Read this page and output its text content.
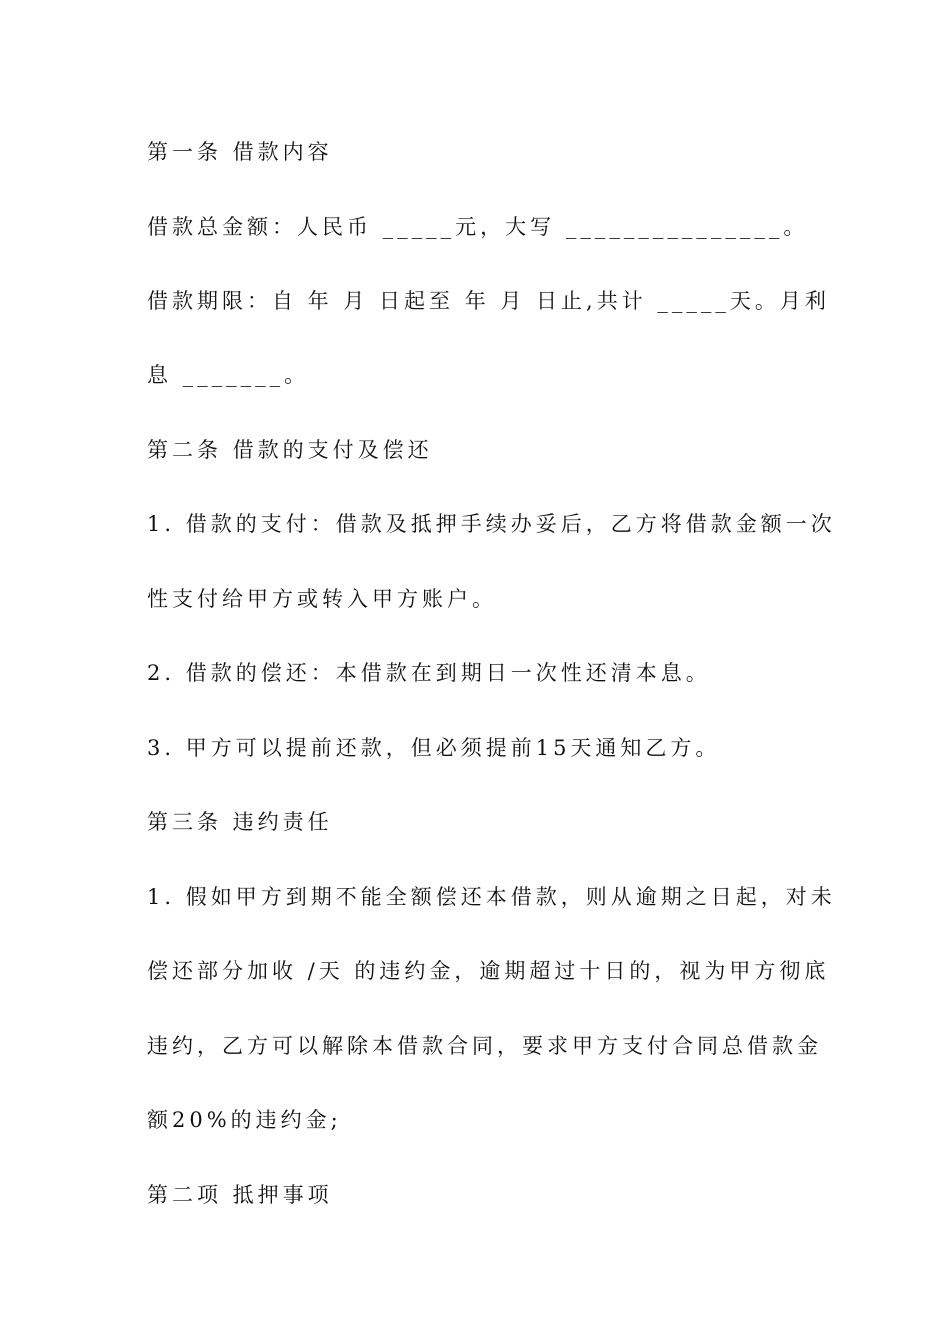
第一条 借款内容
借款总金额：人民币 _____元，大写 _______________。
借款期限：自 年 月 日起至 年 月 日止,共计 _____天。月利
息 _______。
第二条 借款的支付及偿还
1. 借款的支付：借款及抵押手续办妥后，乙方将借款金额一次
性支付给甲方或转入甲方账户。
2. 借款的偿还：本借款在到期日一次性还清本息。
3. 甲方可以提前还款，但必须提前15天通知乙方。
第三条 违约责任
1. 假如甲方到期不能全额偿还本借款，则从逾期之日起，对未
偿还部分加收 /天 的违约金，逾期超过十日的，视为甲方彻底
违约，乙方可以解除本借款合同，要求甲方支付合同总借款金
额20%的违约金;
第二项 抵押事项
